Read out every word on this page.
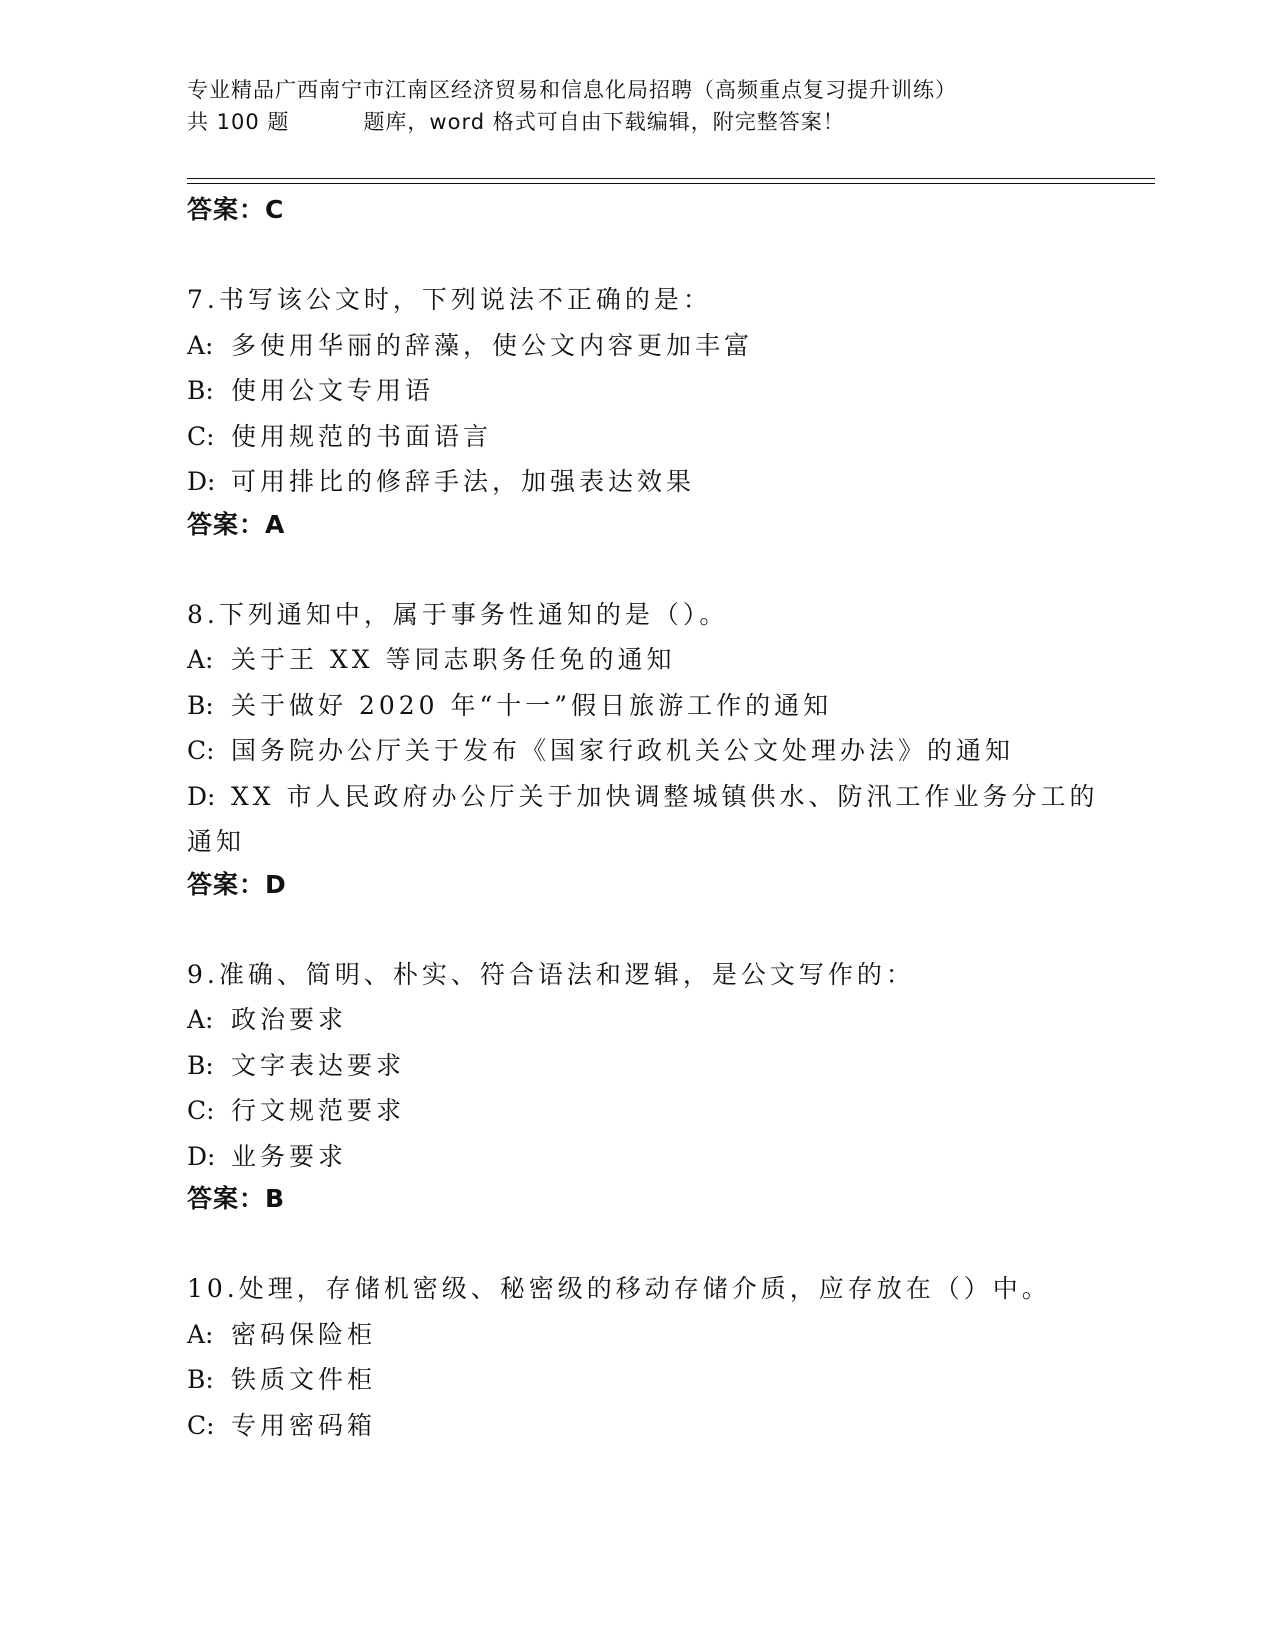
专业精品广西南宁市江南区经济贸易和信息化局招聘（高频重点复习提升训练）
共 100 题	题库，word 格式可自由下载编辑，附完整答案！
答案：C
7.书写该公文时，下列说法不正确的是：
A: 多使用华丽的辞藻，使公文内容更加丰富
B: 使用公文专用语
C: 使用规范的书面语言
D: 可用排比的修辞手法，加强表达效果
答案：A
8.下列通知中，属于事务性通知的是（）。
A: 关于王 XX 等同志职务任免的通知
B: 关于做好 2020 年“十一”假日旅游工作的通知
C: 国务院办公厅关于发布《国家行政机关公文处理办法》的通知
D: XX 市人民政府办公厅关于加快调整城镇供水、防汛工作业务分工的
通知
答案：D
9.准确、简明、朴实、符合语法和逻辑，是公文写作的：
A: 政治要求
B: 文字表达要求
C: 行文规范要求
D: 业务要求
答案：B
10.处理，存储机密级、秘密级的移动存储介质，应存放在（）中。
A: 密码保险柜
B: 铁质文件柜
C: 专用密码箱
